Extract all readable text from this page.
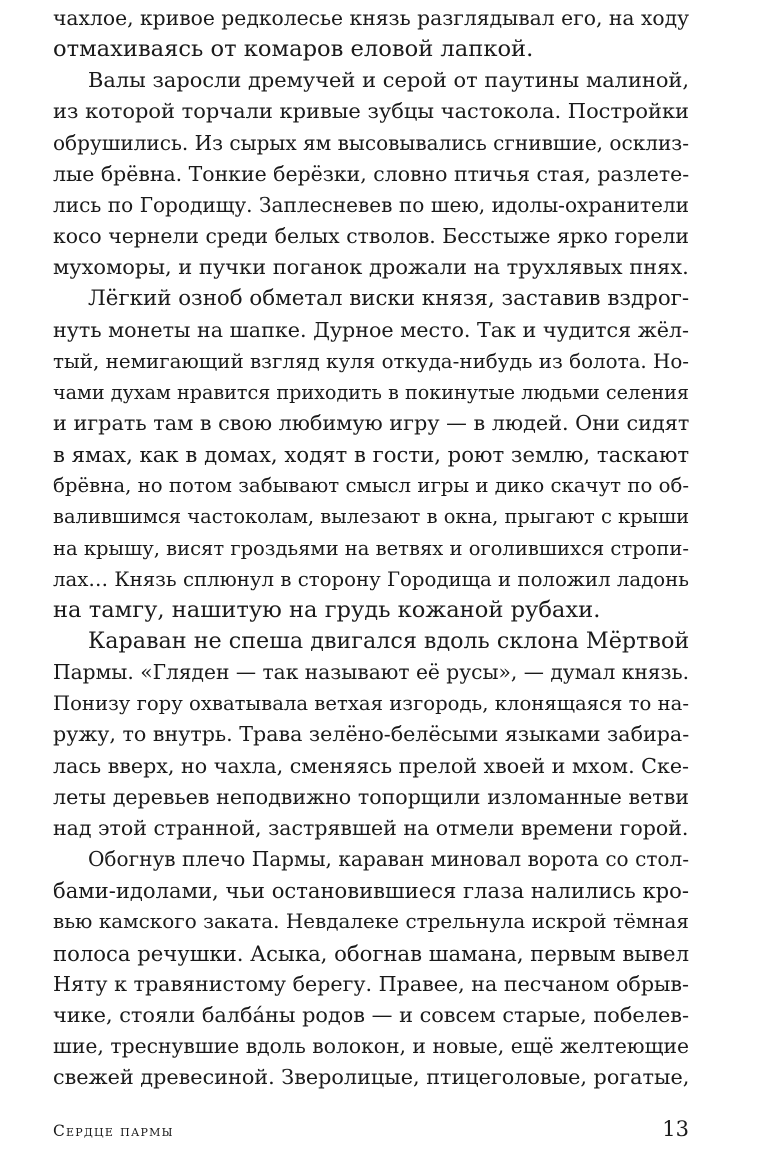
чахлое, кривое редколесье князь разглядывал его, на ходу
отмахиваясь от комаров еловой лапкой.
Валы заросли дремучей и серой от паутины малиной,
из которой торчали кривые зубцы частокола. Постройки
обрушились. Из сырых ям высовывались сгнившие, осклиз-
лые брёвна. Тонкие берёзки, словно птичья стая, разлете-
лись по Городищу. Заплесневев по шею, идолы-охранители
косо чернели среди белых стволов. Бесстыже ярко горели
мухоморы, и пучки поганок дрожали на трухлявых пнях.
Лёгкий озноб обметал виски князя, заставив вздрог-
нуть монеты на шапке. Дурное место. Так и чудится жёл-
тый, немигающий взгляд куля откуда-нибудь из болота. Но-
чами духам нравится приходить в покинутые людьми селения
и играть там в свою любимую игру — в людей. Они сидят
в ямах, как в домах, ходят в гости, роют землю, таскают
брёвна, но потом забывают смысл игры и дико скачут по об-
валившимся частоколам, вылезают в окна, прыгают с крыши
на крышу, висят гроздьями на ветвях и оголившихся стропи-
лах… Князь сплюнул в сторону Городища и положил ладонь
на тамгу, нашитую на грудь кожаной рубахи.
Караван не спеша двигался вдоль склона Мёртвой
Пармы. «Гляден — так называют её русы», — думал князь.
Понизу гору охватывала ветхая изгородь, клонящаяся то на-
ружу, то внутрь. Трава зелёно-белёсыми языками забира-
лась вверх, но чахла, сменяясь прелой хвоей и мхом. Ске-
леты деревьев неподвижно топорщили изломанные ветви
над этой странной, застрявшей на отмели времени горой.
Обогнув плечо Пармы, караван миновал ворота со стол-
бами-идолами, чьи остановившиеся глаза налились кро-
вью камского заката. Невдалеке стрельнула искрой тёмная
полоса речушки. Асыка, обогнав шамана, первым вывел
Няту к травянистому берегу. Правее, на песчаном обрыв-
чике, стояли балба́ны родов — и совсем старые, побелев-
шие, треснувшие вдоль волокон, и новые, ещё желтеющие
свежей древесиной. Зверолицые, птицеголовые, рогатые,
Сердце пармы	13
